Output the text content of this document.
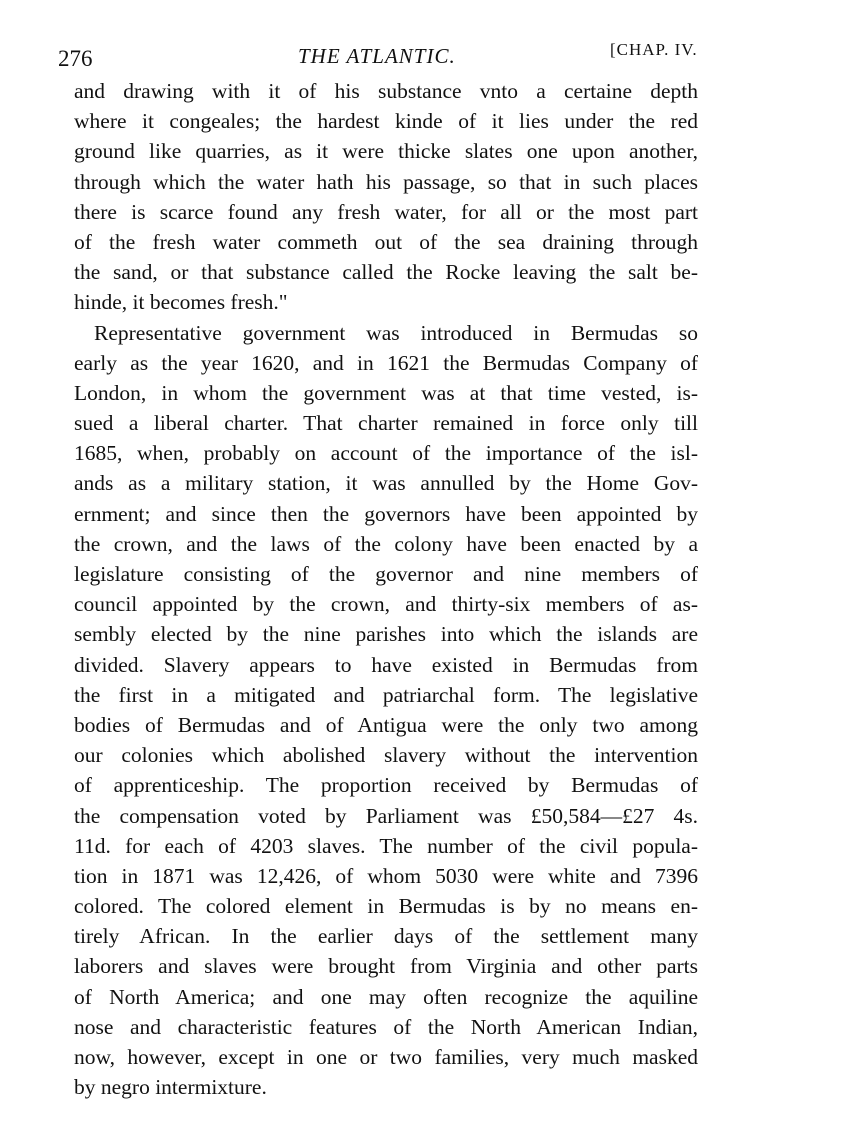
276	THE ATLANTIC.	[CHAP. IV.
and drawing with it of his substance vnto a certaine depth
where it congeales; the hardest kinde of it lies under the red
ground like quarries, as it were thicke slates one upon another,
through which the water hath his passage, so that in such places
there is scarce found any fresh water, for all or the most part
of the fresh water commeth out of the sea draining through
the sand, or that substance called the Rocke leaving the salt be-
hinde, it becomes fresh."
Representative government was introduced in Bermudas so
early as the year 1620, and in 1621 the Bermudas Company of
London, in whom the government was at that time vested, is-
sued a liberal charter. That charter remained in force only till
1685, when, probably on account of the importance of the isl-
ands as a military station, it was annulled by the Home Gov-
ernment; and since then the governors have been appointed by
the crown, and the laws of the colony have been enacted by a
legislature consisting of the governor and nine members of
council appointed by the crown, and thirty-six members of as-
sembly elected by the nine parishes into which the islands are
divided. Slavery appears to have existed in Bermudas from
the first in a mitigated and patriarchal form. The legislative
bodies of Bermudas and of Antigua were the only two among
our colonies which abolished slavery without the intervention
of apprenticeship. The proportion received by Bermudas of
the compensation voted by Parliament was £50,584—£27 4s.
11d. for each of 4203 slaves. The number of the civil popula-
tion in 1871 was 12,426, of whom 5030 were white and 7396
colored. The colored element in Bermudas is by no means en-
tirely African. In the earlier days of the settlement many
laborers and slaves were brought from Virginia and other parts
of North America; and one may often recognize the aquiline
nose and characteristic features of the North American Indian,
now, however, except in one or two families, very much masked
by negro intermixture.
